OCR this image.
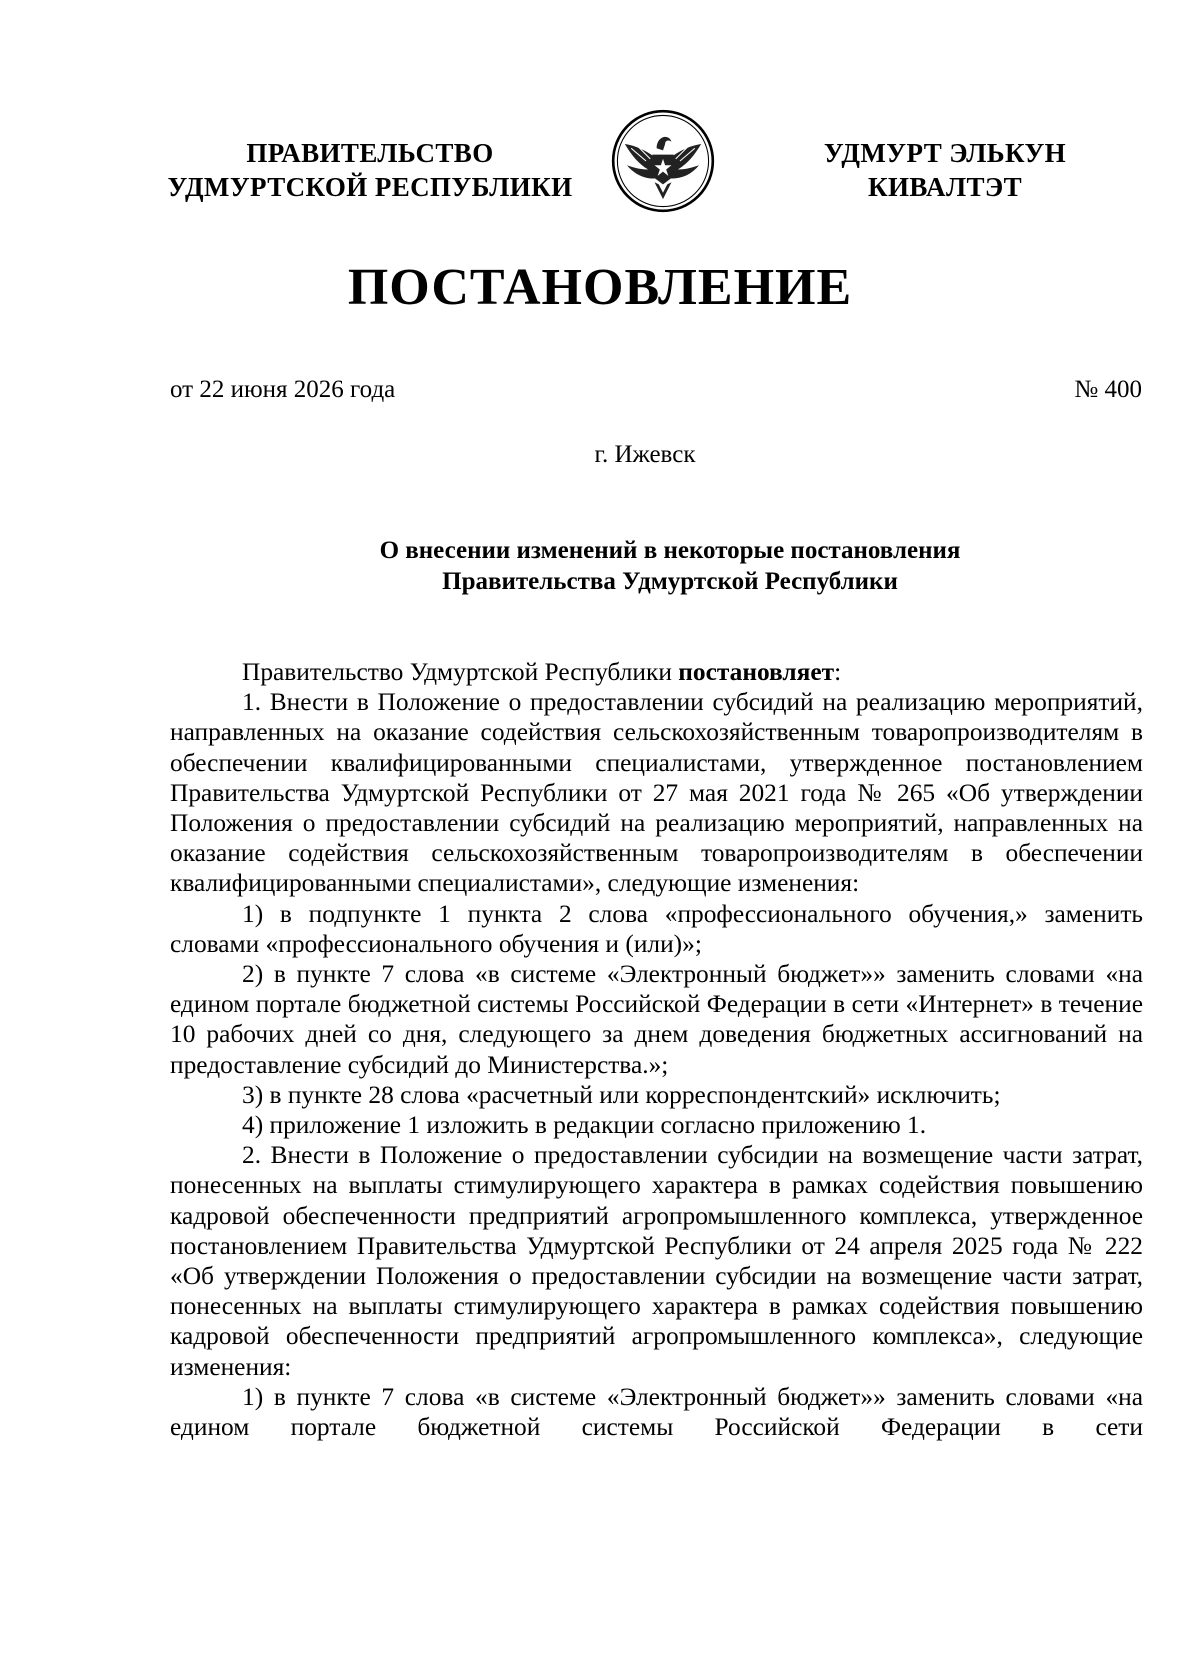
ПРАВИТЕЛЬСТВО
УДМУРТСКОЙ РЕСПУБЛИКИ
УДМУРТ ЭЛЬКУН
КИВАЛТЭТ
ПОСТАНОВЛЕНИЕ
от 22 июня 2026 года	№ 400
г. Ижевск
О внесении изменений в некоторые постановления
Правительства Удмуртской Республики

Правительство Удмуртской Республики постановляет:

1. Внести в Положение о предоставлении субсидий на реализацию мероприятий, направленных на оказание содействия сельскохозяйственным товаропроизводителям в обеспечении квалифицированными специалистами, утвержденное постановлением Правительства Удмуртской Республики от 27 мая 2021 года № 265 «Об утверждении Положения о предоставлении субсидий на реализацию мероприятий, направленных на оказание содействия сельскохозяйственным товаропроизводителям в обеспечении квалифицированными специалистами», следующие изменения:

1) в подпункте 1 пункта 2 слова «профессионального обучения,» заменить словами «профессионального обучения и (или)»;

2) в пункте 7 слова «в системе «Электронный бюджет»» заменить словами «на едином портале бюджетной системы Российской Федерации в сети «Интернет» в течение 10 рабочих дней со дня, следующего за днем доведения бюджетных ассигнований на предоставление субсидий до Министерства.»;

3) в пункте 28 слова «расчетный или корреспондентский» исключить;

4) приложение 1 изложить в редакции согласно приложению 1.

2. Внести в Положение о предоставлении субсидии на возмещение части затрат, понесенных на выплаты стимулирующего характера в рамках содействия повышению кадровой обеспеченности предприятий агропромышленного комплекса, утвержденное постановлением Правительства Удмуртской Республики от 24 апреля 2025 года № 222 «Об утверждении Положения о предоставлении субсидии на возмещение части затрат, понесенных на выплаты стимулирующего характера в рамках содействия повышению кадровой обеспеченности предприятий агропромышленного комплекса», следующие изменения:

1) в пункте 7 слова «в системе «Электронный бюджет»» заменить словами «на едином портале бюджетной системы Российской Федерации в сети
